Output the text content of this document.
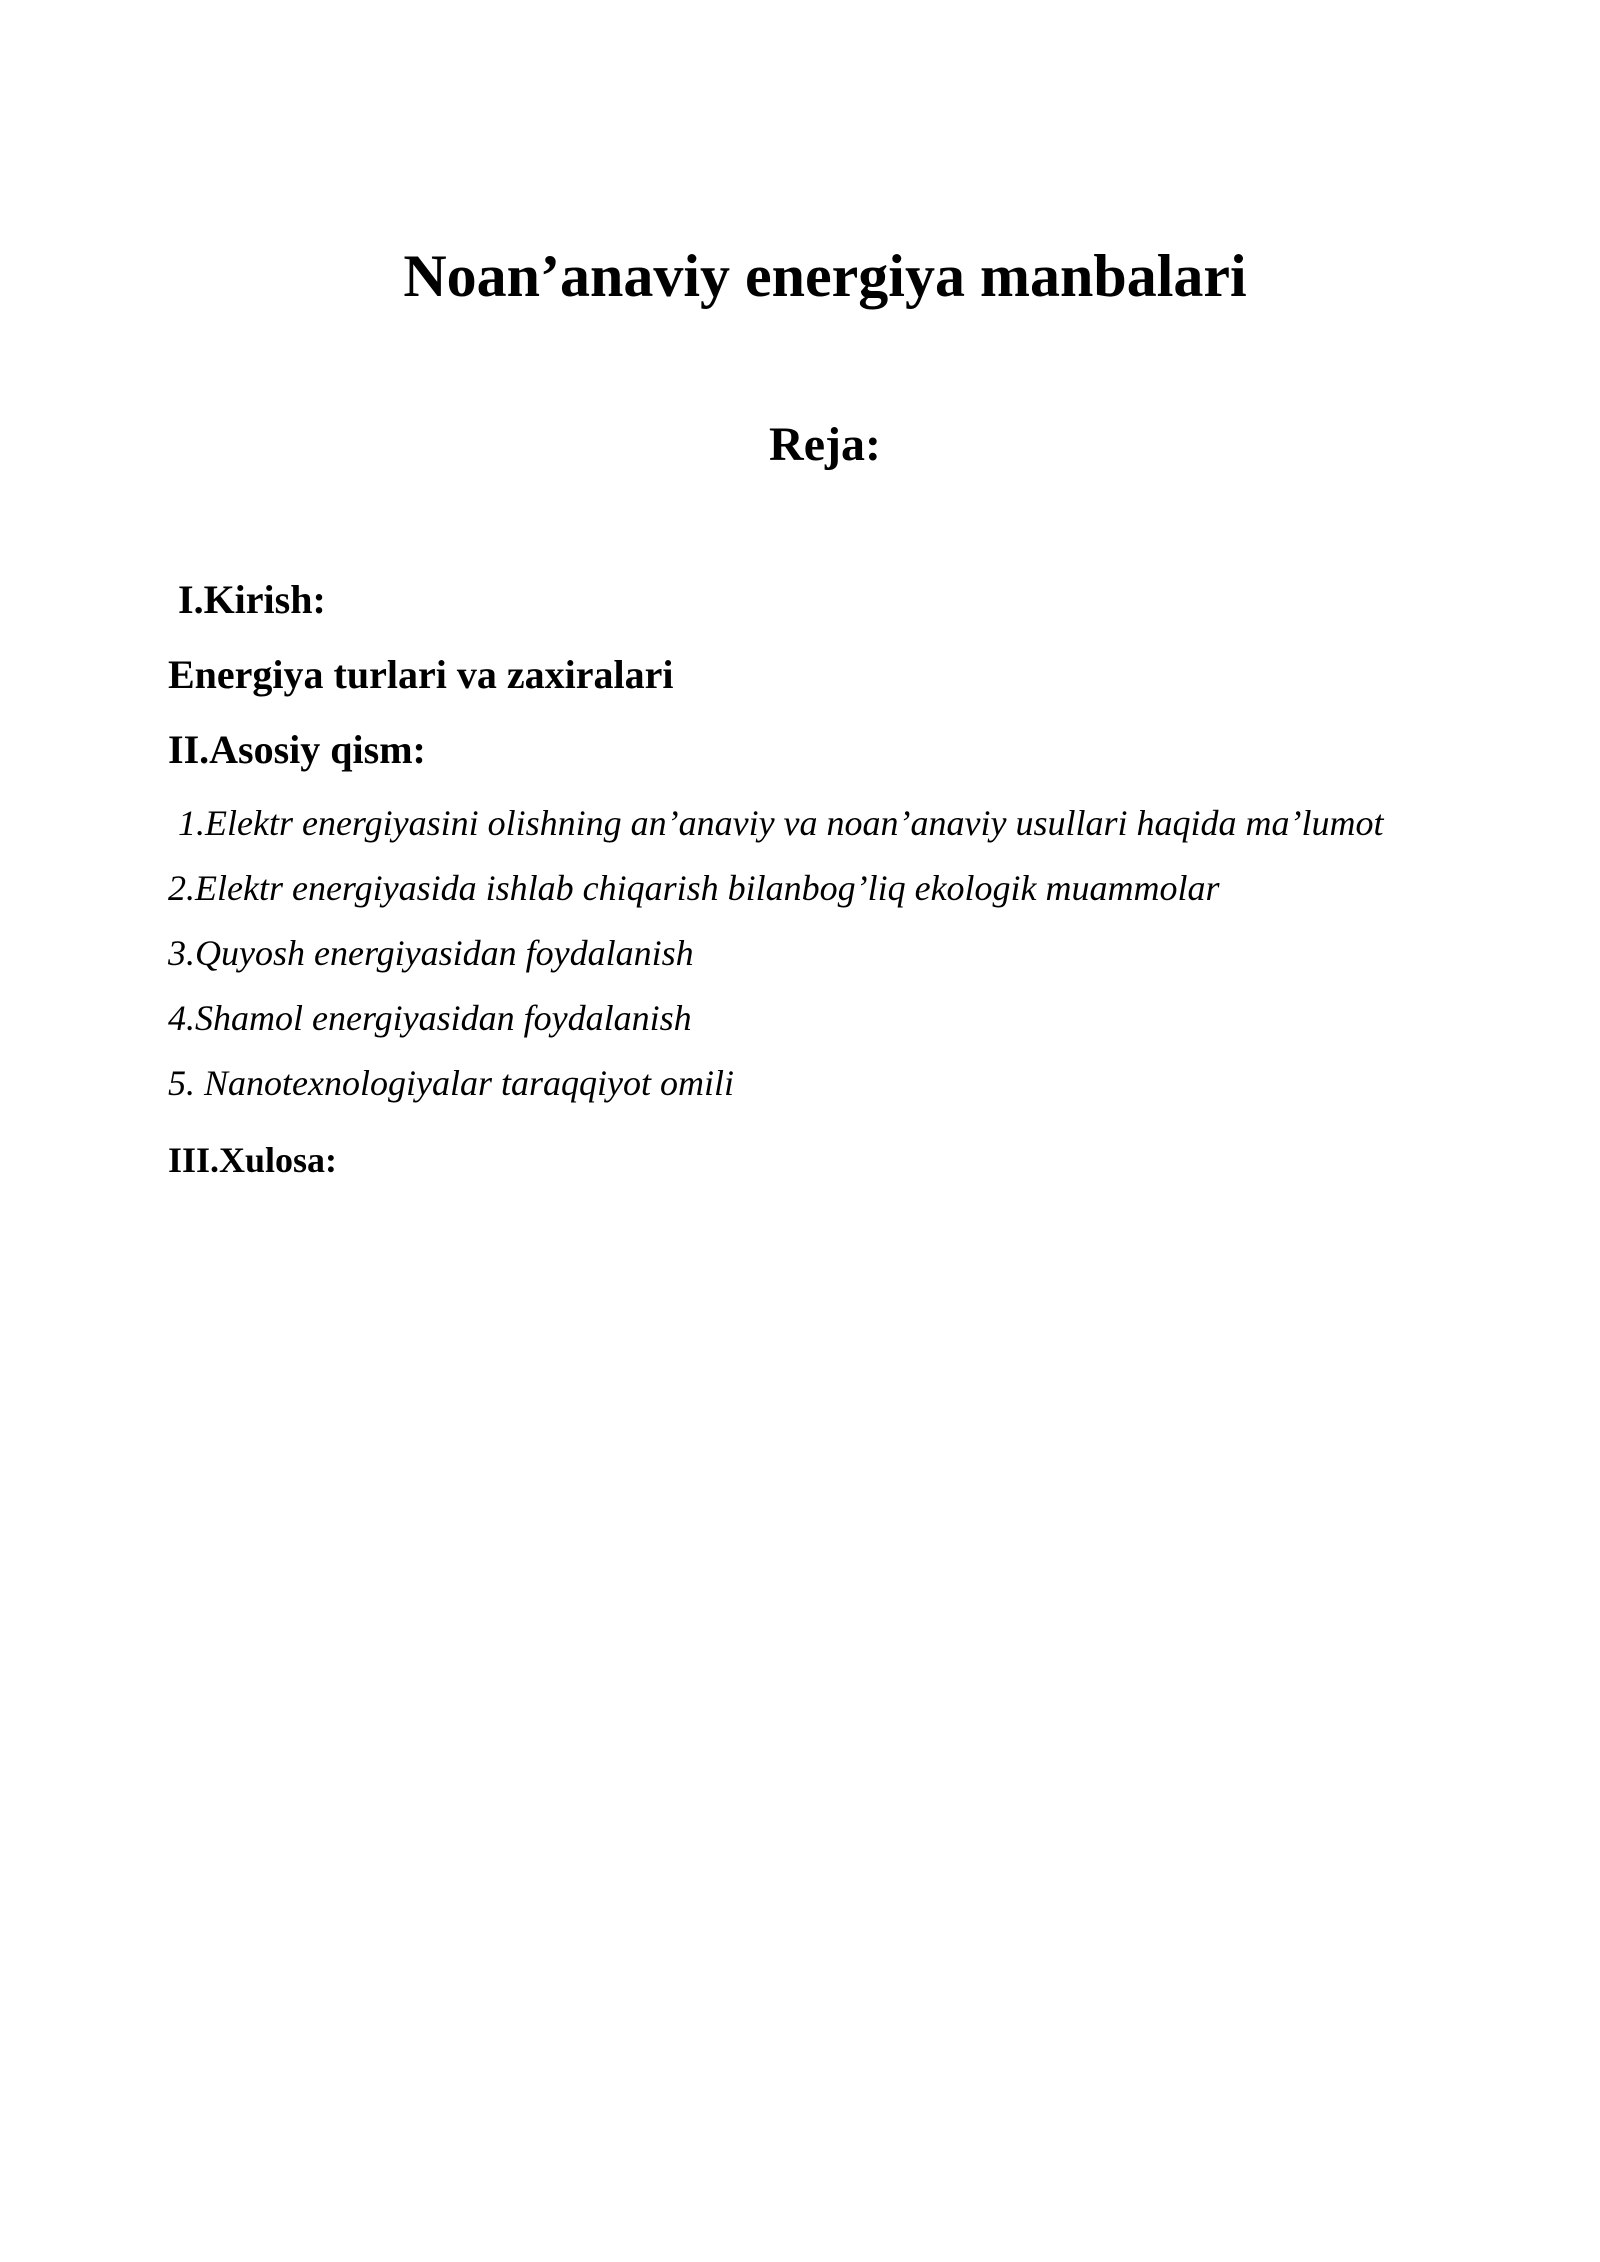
Noan’anaviy energiya manbalari
Reja:
I.Kirish:
Energiya turlari va zaxiralari
II.Asosiy qism:
1.Elektr energiyasini olishning an’anaviy va noan’anaviy usullari haqida ma’lumot
2.Elektr energiyasida ishlab chiqarish bilanbog’liq ekologik muammolar
3.Quyosh energiyasidan foydalanish
4.Shamol energiyasidan foydalanish
5. Nanotexnologiyalar taraqqiyot omili
III.Xulosa:
